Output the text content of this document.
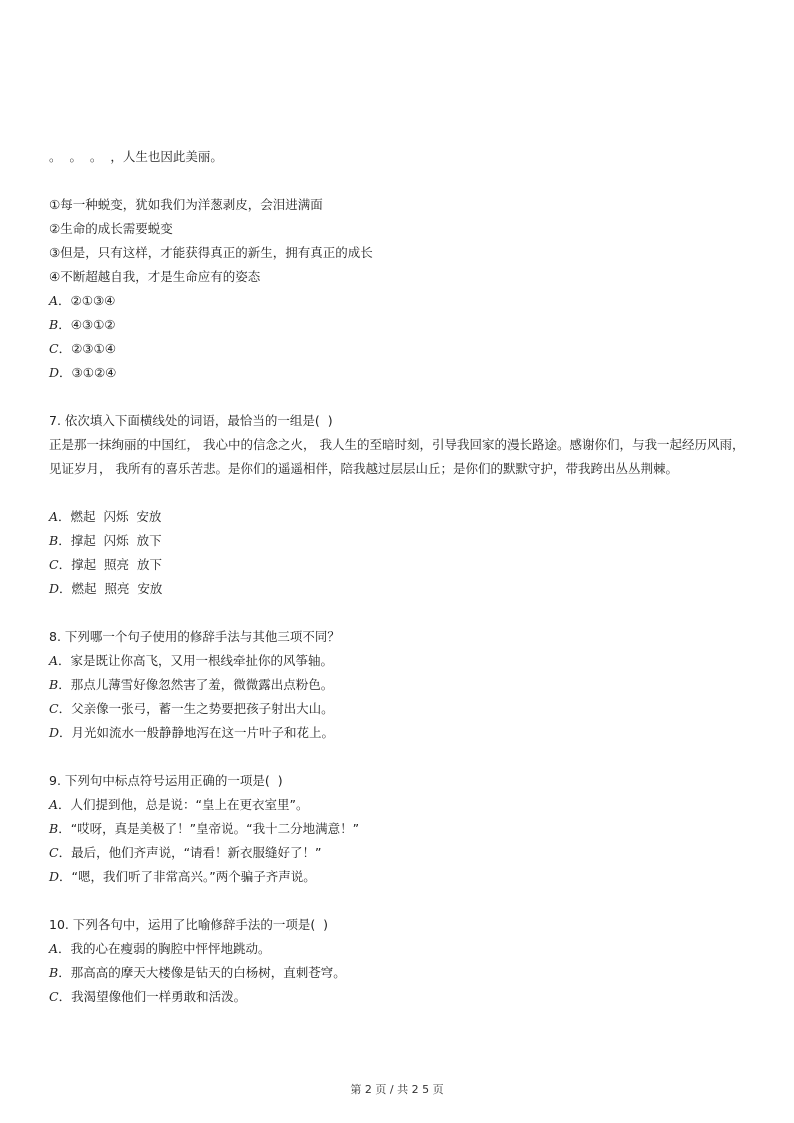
。  。  。  ，人生也因此美丽。

①每一种蜕变，犹如我们为洋葱剥皮，会泪进满面

②生命的成长需要蜕变

③但是，只有这样，才能获得真正的新生，拥有真正的成长

④不断超越自我，才是生命应有的姿态

A．②①③④

B．④③①②

C．②③①④

D．③①②④

7. 依次填入下面横线处的词语，最恰当的一组是(  )

正是那一抹绚丽的中国红， 我心中的信念之火， 我人生的至暗时刻，引导我回家的漫长路途。感谢你们，与我一起经历风雨，见证岁月， 我所有的喜乐苦悲。是你们的遥遥相伴，陪我越过层层山丘；是你们的默默守护，带我跨出丛丛荆棘。

A．燃起  闪烁  安放

B．撑起  闪烁  放下

C．撑起  照亮  放下

D．燃起  照亮  安放

8. 下列哪一个句子使用的修辞手法与其他三项不同？

A．家是既让你高飞，又用一根线牵扯你的风筝轴。

B．那点儿薄雪好像忽然害了羞，微微露出点粉色。

C．父亲像一张弓，蓄一生之势要把孩子射出大山。

D．月光如流水一般静静地泻在这一片叶子和花上。

9. 下列句中标点符号运用正确的一项是(  )

A．人们提到他，总是说：“皇上在更衣室里”。

B．“哎呀，真是美极了！”皇帝说。“我十二分地满意！”

C．最后，他们齐声说，“请看！新衣服缝好了！”

D．“嗯，我们听了非常高兴。”两个骗子齐声说。

10. 下列各句中，运用了比喻修辞手法的一项是(  )

A．我的心在瘦弱的胸腔中怦怦地跳动。

B．那高高的摩天大楼像是钻天的白杨树，直刺苍穹。

C．我渴望像他们一样勇敢和活泼。

第 2 页 / 共 2 5 页
